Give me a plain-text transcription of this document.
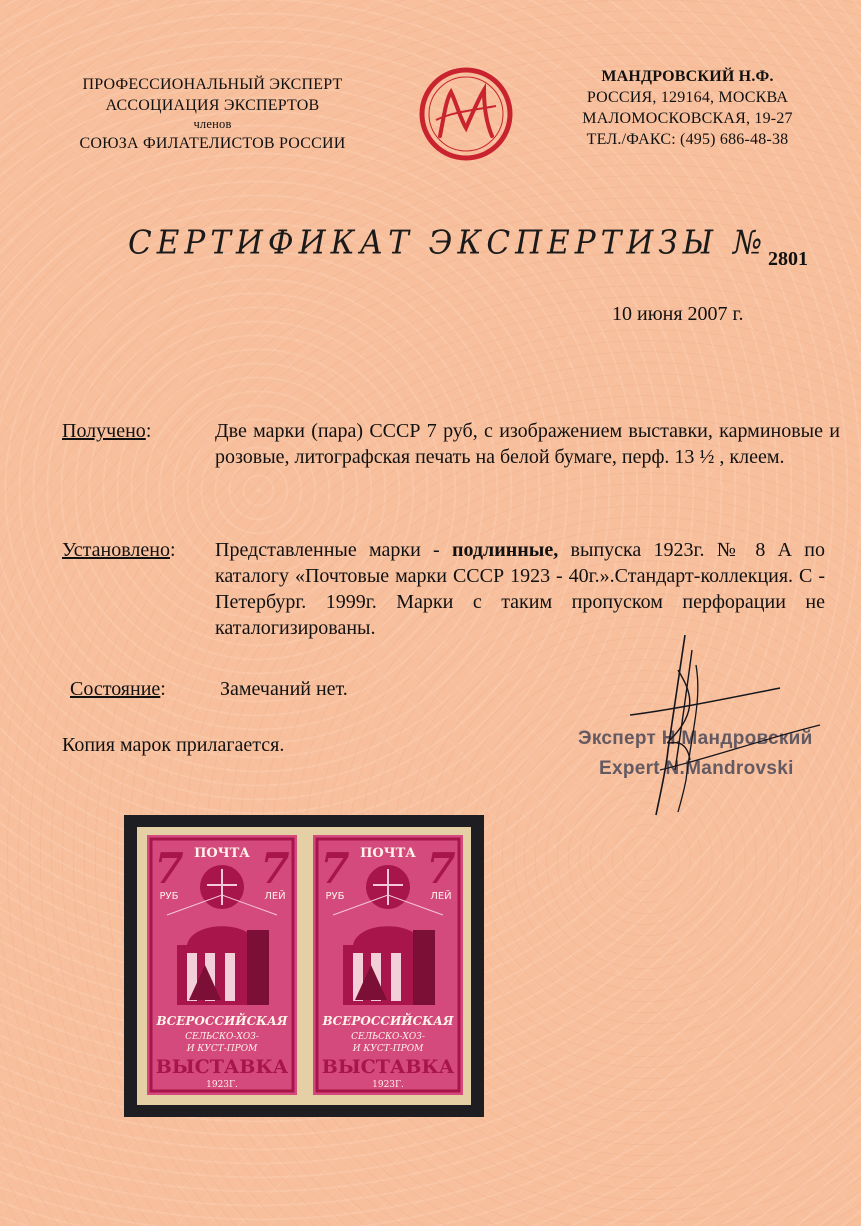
ПРОФЕССИОНАЛЬНЫЙ ЭКСПЕРТ
АССОЦИАЦИЯ ЭКСПЕРТОВ
членов
СОЮЗА ФИЛАТЕЛИСТОВ РОССИИ
М
МАНДРОВСКИЙ Н.Ф.
РОССИЯ, 129164, МОСКВА
МАЛОМОСКОВСКАЯ, 19-27
ТЕЛ./ФАКС: (495) 686-48-38
СЕРТИФИКАТ ЭКСПЕРТИЗЫ № 2801
10 июня 2007 г.
Получено:	Две марки (пара) СССР 7 руб, с изображением выставки, карминовые и розовые, литографская печать на белой бумаге, перф. 13 ½ , клеем.
Установлено: Представленные марки - подлинные, выпуска 1923г. № 8 А по каталогу «Почтовые марки СССР 1923 - 40г.».Стандарт-коллекция. С - Петербург. 1999г. Марки с таким пропуском перфорации не каталогизированы.
Состояние:	Замечаний нет.
Копия марок прилагается.	Эксперт Н.Мандровский
Expert N.Mandrovski
ПОЧТА
7 7
РУБ	ЛЕЙ
ВСЕРОССИЙСКАЯ
СЕЛЬСКО-ХОЗ-
И КУСТ-ПРОМ
ВЫСТАВКА
1923Г.
ПОЧТА
7 7
РУБ	ЛЕЙ
ВСЕРОССИЙСКАЯ
СЕЛЬСКО-ХОЗ-
И КУСТ-ПРОМ
ВЫСТАВКА
1923Г.
